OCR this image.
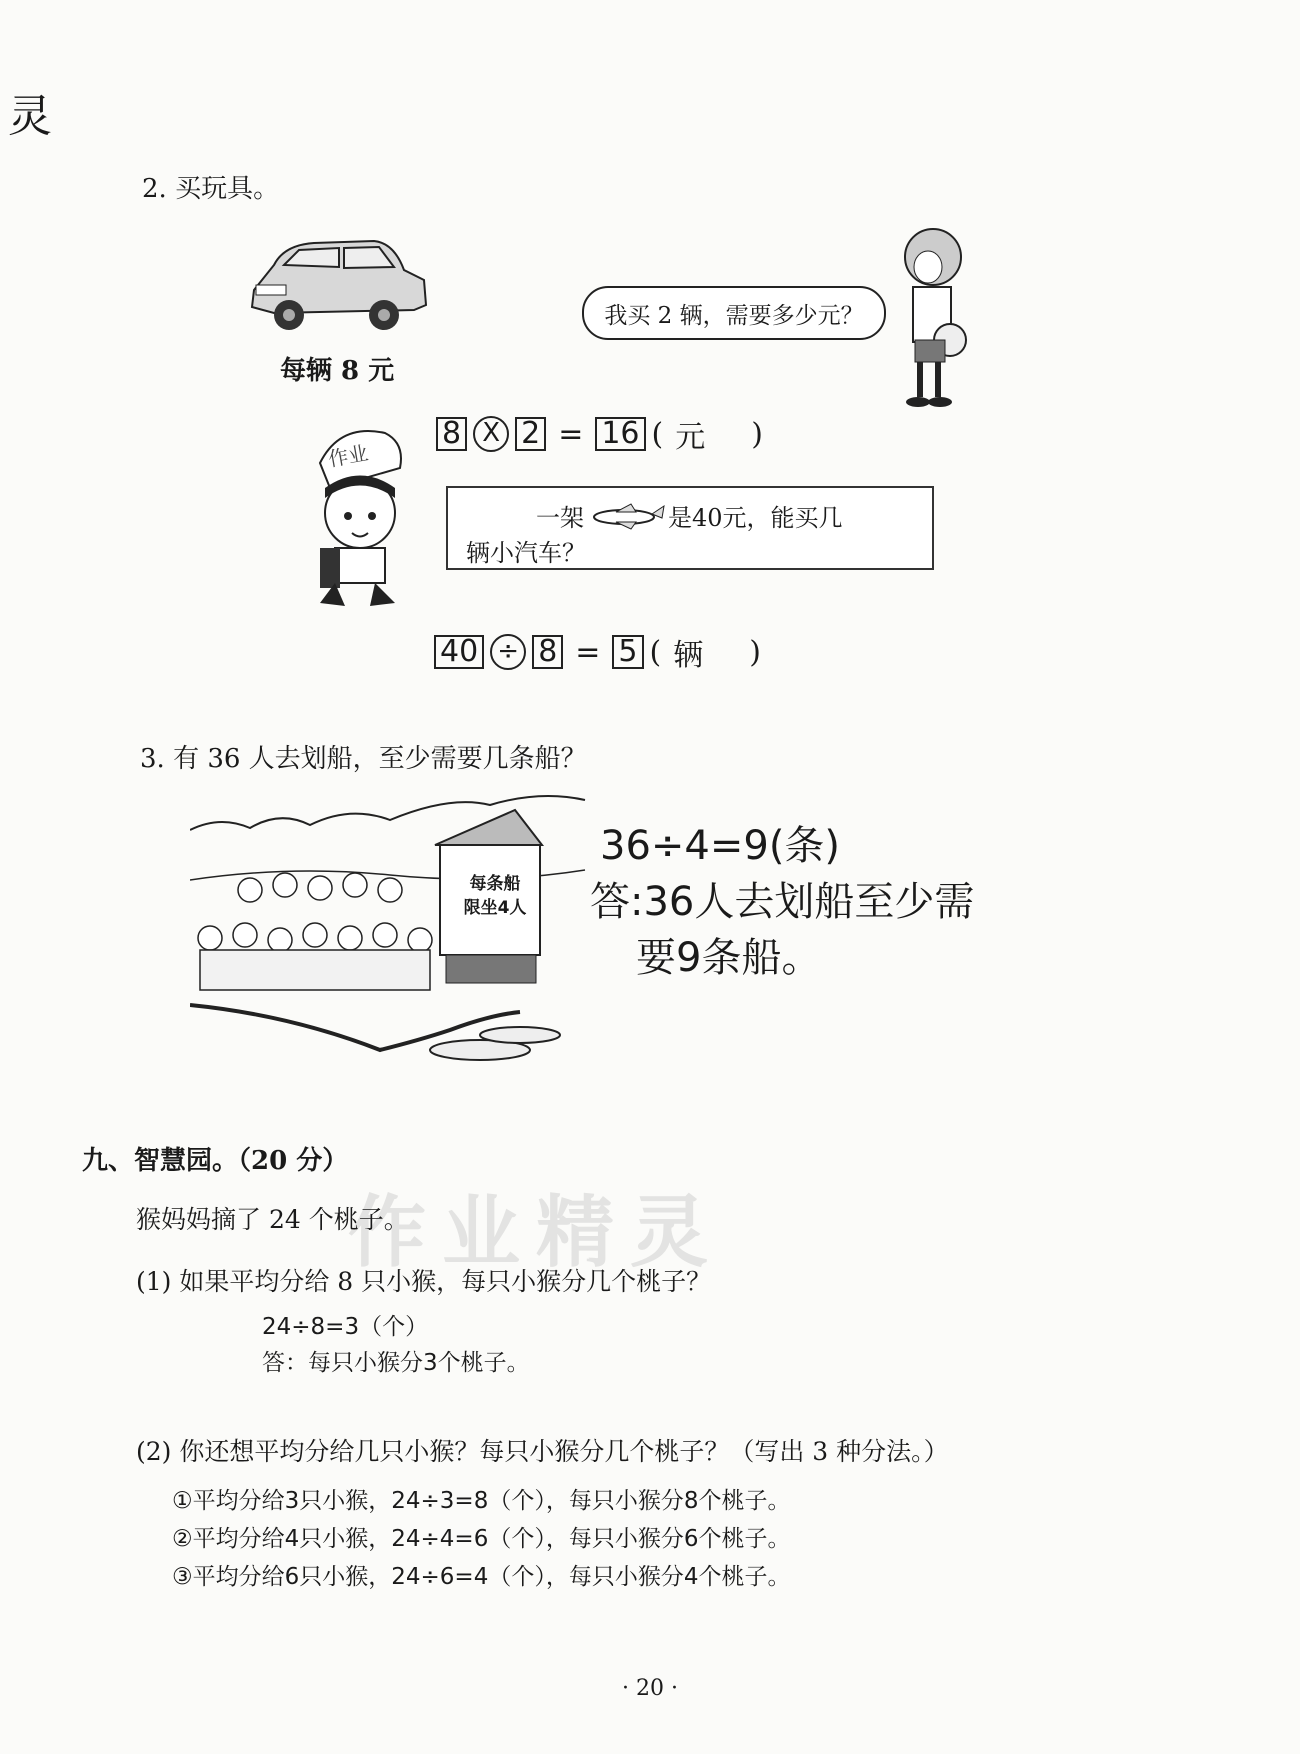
灵
2. 买玩具。
每辆 8 元
我买 2 辆，需要多少元？
8 X 2 = 16 ( 元	)
作业
一架	是40元，能买几
辆小汽车？
40 ÷ 8 = 5 ( 辆	)
3. 有 36 人去划船，至少需要几条船？
每条船
限坐4人
36÷4=9(条)
答:36人去划船至少需
要9条船。
九、智慧园。（20 分）
作业精灵
猴妈妈摘了 24 个桃子。
(1) 如果平均分给 8 只小猴，每只小猴分几个桃子？
24÷8=3（个）
答：每只小猴分3个桃子。
(2) 你还想平均分给几只小猴？每只小猴分几个桃子？（写出 3 种分法。）
①平均分给3只小猴，24÷3=8（个），每只小猴分8个桃子。
②平均分给4只小猴，24÷4=6（个），每只小猴分6个桃子。
③平均分给6只小猴，24÷6=4（个），每只小猴分4个桃子。
· 20 ·
